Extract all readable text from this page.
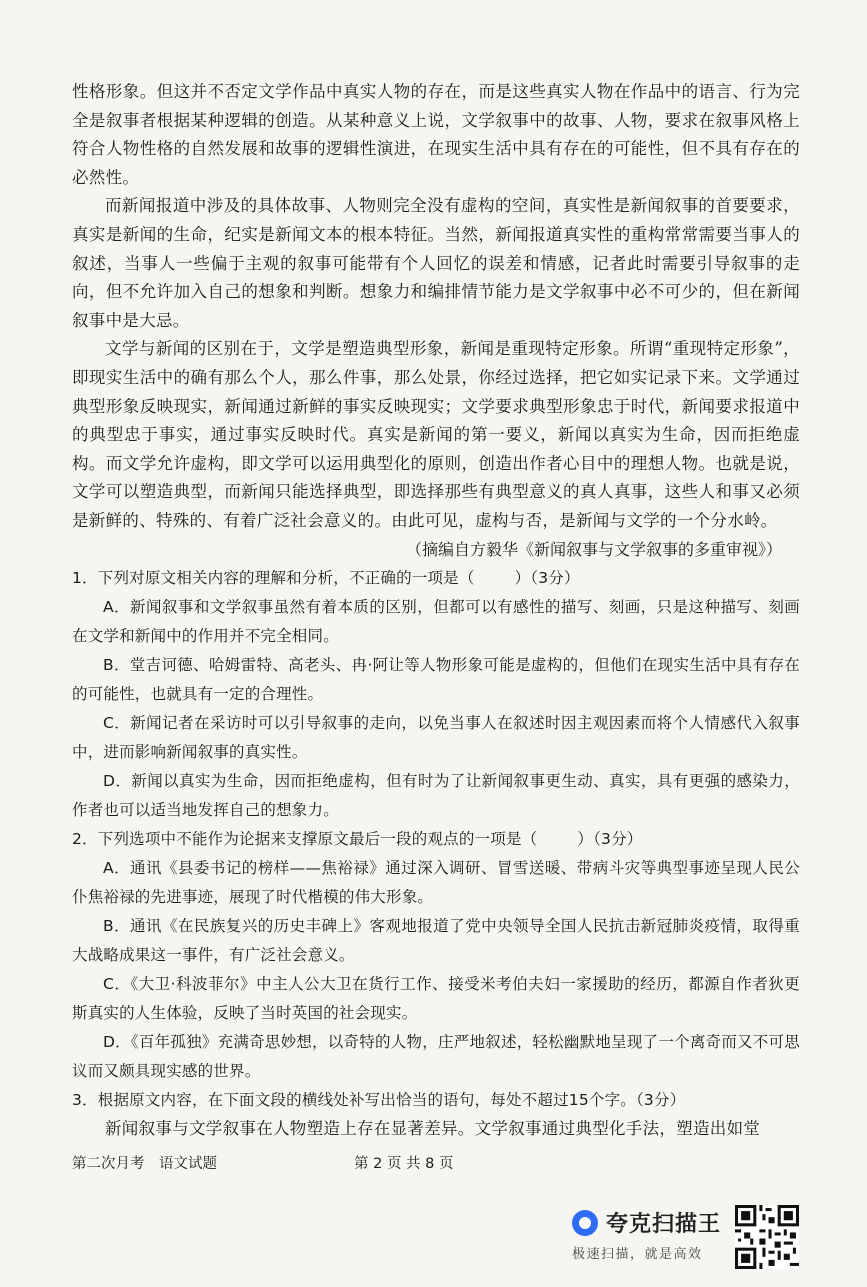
性格形象。但这并不否定文学作品中真实人物的存在，而是这些真实人物在作品中的语言、行为完全是叙事者根据某种逻辑的创造。从某种意义上说，文学叙事中的故事、人物，要求在叙事风格上符合人物性格的自然发展和故事的逻辑性演进，在现实生活中具有存在的可能性，但不具有存在的必然性。

而新闻报道中涉及的具体故事、人物则完全没有虚构的空间，真实性是新闻叙事的首要要求，真实是新闻的生命，纪实是新闻文本的根本特征。当然，新闻报道真实性的重构常常需要当事人的叙述，当事人一些偏于主观的叙事可能带有个人回忆的误差和情感，记者此时需要引导叙事的走向，但不允许加入自己的想象和判断。想象力和编排情节能力是文学叙事中必不可少的，但在新闻叙事中是大忌。

文学与新闻的区别在于，文学是塑造典型形象，新闻是重现特定形象。所谓“重现特定形象”，即现实生活中的确有那么个人，那么件事，那么处景，你经过选择，把它如实记录下来。文学通过典型形象反映现实，新闻通过新鲜的事实反映现实；文学要求典型形象忠于时代，新闻要求报道中的典型忠于事实，通过事实反映时代。真实是新闻的第一要义，新闻以真实为生命，因而拒绝虚构。而文学允许虚构，即文学可以运用典型化的原则，创造出作者心目中的理想人物。也就是说，文学可以塑造典型，而新闻只能选择典型，即选择那些有典型意义的真人真事，这些人和事又必须是新鲜的、特殊的、有着广泛社会意义的。由此可见，虚构与否，是新闻与文学的一个分水岭。

（摘编自方毅华《新闻叙事与文学叙事的多重审视》）

1．下列对原文相关内容的理解和分析，不正确的一项是（	）（3分）

A．新闻叙事和文学叙事虽然有着本质的区别，但都可以有感性的描写、刻画，只是这种描写、刻画在文学和新闻中的作用并不完全相同。

B．堂吉诃德、哈姆雷特、高老头、冉·阿让等人物形象可能是虚构的，但他们在现实生活中具有存在的可能性，也就具有一定的合理性。

C．新闻记者在采访时可以引导叙事的走向，以免当事人在叙述时因主观因素而将个人情感代入叙事中，进而影响新闻叙事的真实性。

D．新闻以真实为生命，因而拒绝虚构，但有时为了让新闻叙事更生动、真实，具有更强的感染力，作者也可以适当地发挥自己的想象力。

2．下列选项中不能作为论据来支撑原文最后一段的观点的一项是（	）（3分）

A．通讯《县委书记的榜样——焦裕禄》通过深入调研、冒雪送暖、带病斗灾等典型事迹呈现人民公仆焦裕禄的先进事迹，展现了时代楷模的伟大形象。

B．通讯《在民族复兴的历史丰碑上》客观地报道了党中央领导全国人民抗击新冠肺炎疫情，取得重大战略成果这一事件，有广泛社会意义。

C．《大卫·科波菲尔》中主人公大卫在货行工作、接受米考伯夫妇一家援助的经历，都源自作者狄更斯真实的人生体验，反映了当时英国的社会现实。

D．《百年孤独》充满奇思妙想，以奇特的人物，庄严地叙述，轻松幽默地呈现了一个离奇而又不可思议而又颇具现实感的世界。

3．根据原文内容，在下面文段的横线处补写出恰当的语句，每处不超过15个字。（3分）

新闻叙事与文学叙事在人物塑造上存在显著差异。文学叙事通过典型化手法，塑造出如堂

第二次月考　语文试题	第 2 页 共 8 页
夸克扫描王
极速扫描，就是高效
